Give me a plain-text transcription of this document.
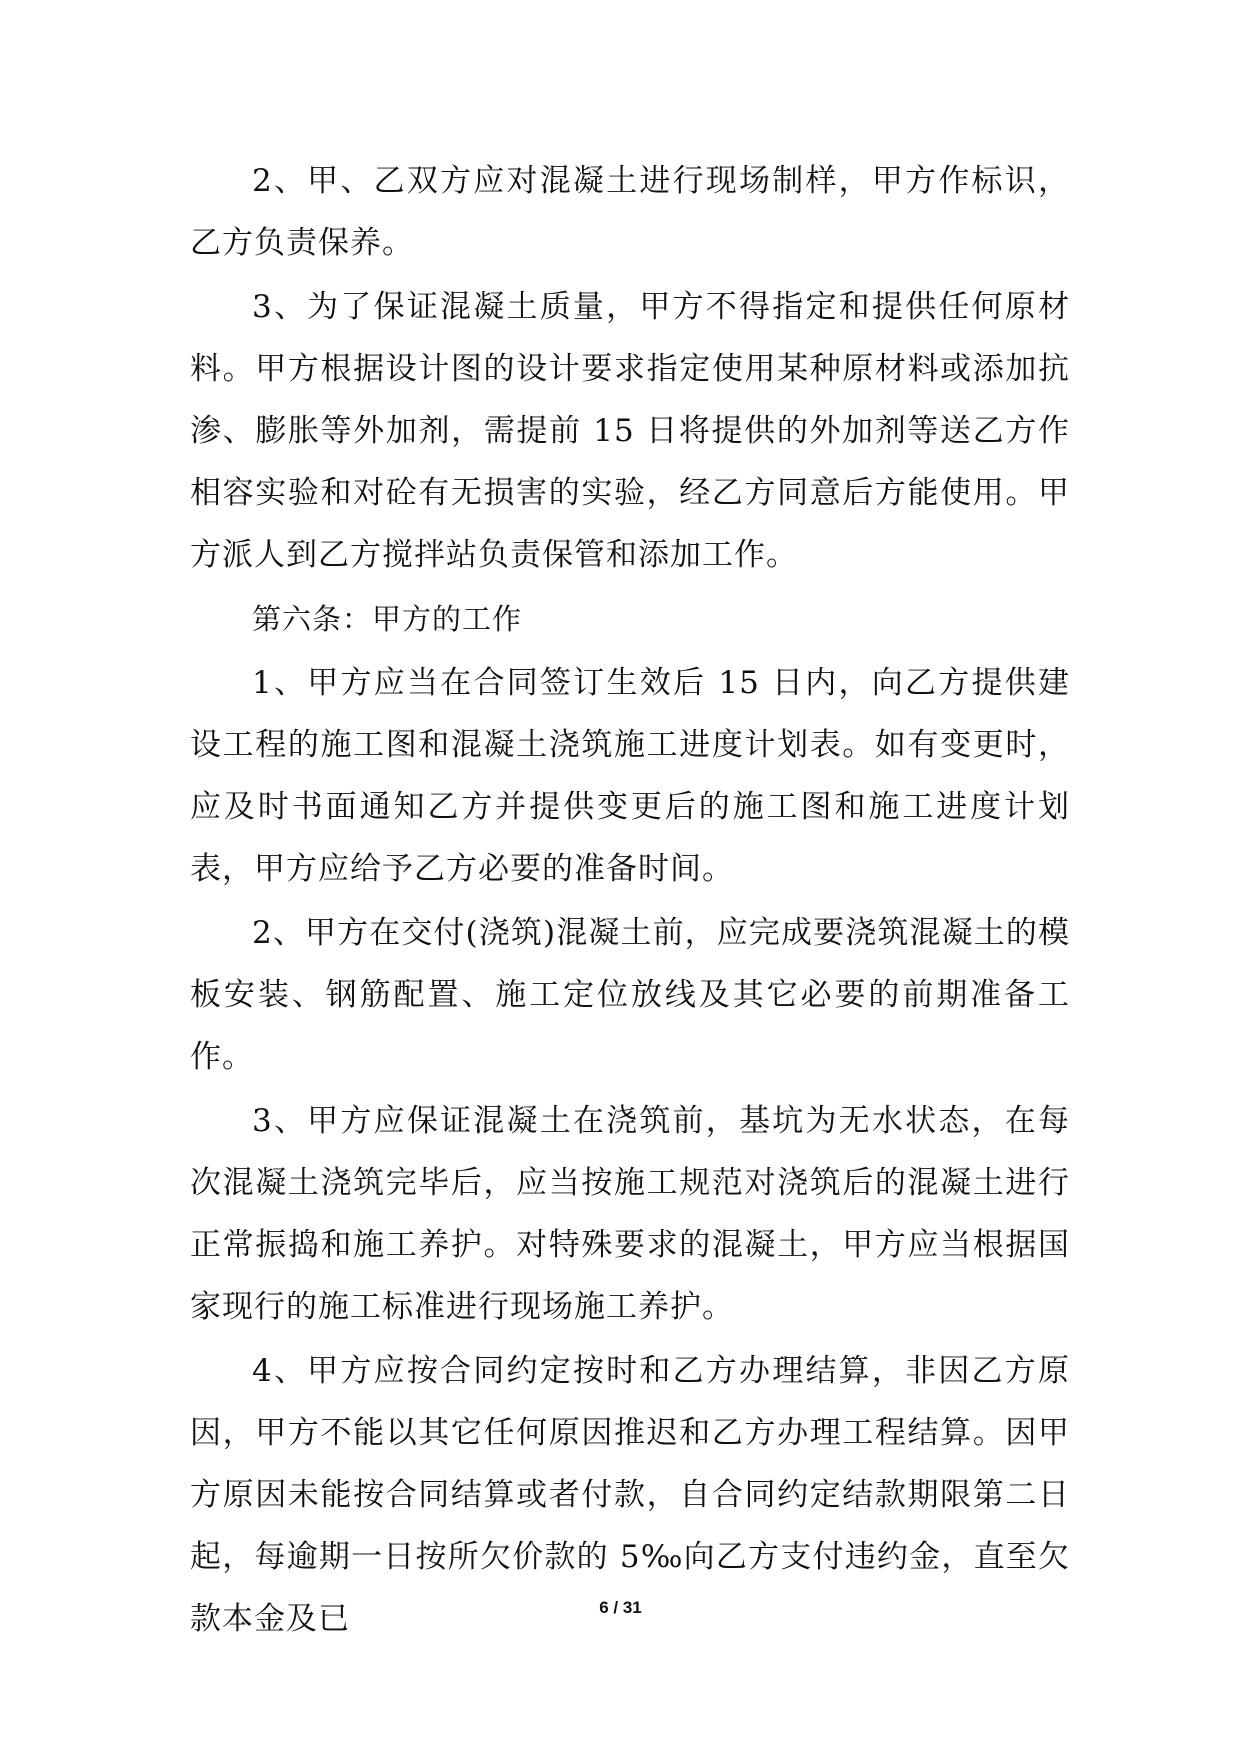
2、甲、乙双方应对混凝土进行现场制样，甲方作标识，乙方负责保养。

3、为了保证混凝土质量，甲方不得指定和提供任何原材料。甲方根据设计图的设计要求指定使用某种原材料或添加抗渗、膨胀等外加剂，需提前 15 日将提供的外加剂等送乙方作相容实验和对砼有无损害的实验，经乙方同意后方能使用。甲方派人到乙方搅拌站负责保管和添加工作。

第六条：甲方的工作

1、甲方应当在合同签订生效后 15 日内，向乙方提供建设工程的施工图和混凝土浇筑施工进度计划表。如有变更时，应及时书面通知乙方并提供变更后的施工图和施工进度计划表，甲方应给予乙方必要的准备时间。

2、甲方在交付(浇筑)混凝土前，应完成要浇筑混凝土的模板安装、钢筋配置、施工定位放线及其它必要的前期准备工作。

3、甲方应保证混凝土在浇筑前，基坑为无水状态，在每次混凝土浇筑完毕后，应当按施工规范对浇筑后的混凝土进行正常振捣和施工养护。对特殊要求的混凝土，甲方应当根据国家现行的施工标准进行现场施工养护。

4、甲方应按合同约定按时和乙方办理结算，非因乙方原因，甲方不能以其它任何原因推迟和乙方办理工程结算。因甲方原因未能按合同结算或者付款，自合同约定结款期限第二日起，每逾期一日按所欠价款的 5‰向乙方支付违约金，直至欠款本金及已	6 / 31
